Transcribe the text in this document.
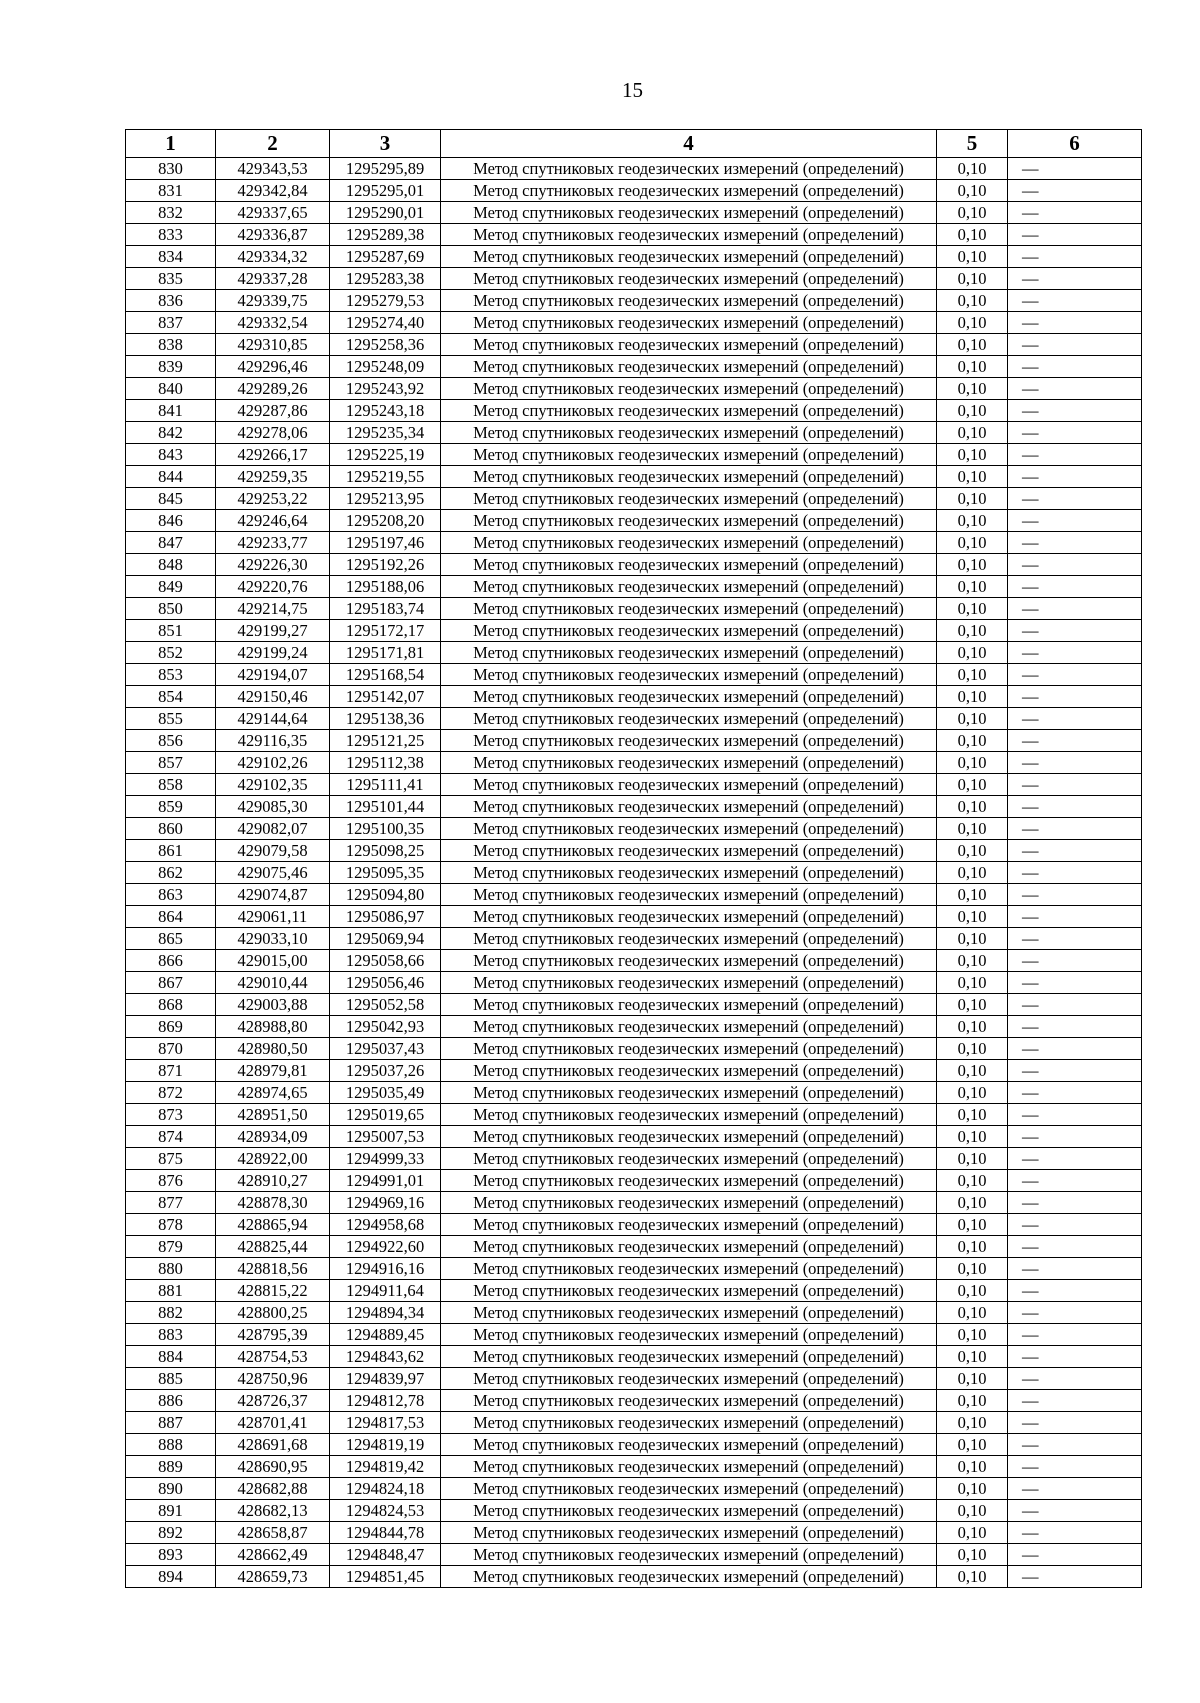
15
1	2	3	4	5	6
830	429343,53	1295295,89	Метод спутниковых геодезических измерений (определений)	0,10	—
831	429342,84	1295295,01	Метод спутниковых геодезических измерений (определений)	0,10	—
832	429337,65	1295290,01	Метод спутниковых геодезических измерений (определений)	0,10	—
833	429336,87	1295289,38	Метод спутниковых геодезических измерений (определений)	0,10	—
834	429334,32	1295287,69	Метод спутниковых геодезических измерений (определений)	0,10	—
835	429337,28	1295283,38	Метод спутниковых геодезических измерений (определений)	0,10	—
836	429339,75	1295279,53	Метод спутниковых геодезических измерений (определений)	0,10	—
837	429332,54	1295274,40	Метод спутниковых геодезических измерений (определений)	0,10	—
838	429310,85	1295258,36	Метод спутниковых геодезических измерений (определений)	0,10	—
839	429296,46	1295248,09	Метод спутниковых геодезических измерений (определений)	0,10	—
840	429289,26	1295243,92	Метод спутниковых геодезических измерений (определений)	0,10	—
841	429287,86	1295243,18	Метод спутниковых геодезических измерений (определений)	0,10	—
842	429278,06	1295235,34	Метод спутниковых геодезических измерений (определений)	0,10	—
843	429266,17	1295225,19	Метод спутниковых геодезических измерений (определений)	0,10	—
844	429259,35	1295219,55	Метод спутниковых геодезических измерений (определений)	0,10	—
845	429253,22	1295213,95	Метод спутниковых геодезических измерений (определений)	0,10	—
846	429246,64	1295208,20	Метод спутниковых геодезических измерений (определений)	0,10	—
847	429233,77	1295197,46	Метод спутниковых геодезических измерений (определений)	0,10	—
848	429226,30	1295192,26	Метод спутниковых геодезических измерений (определений)	0,10	—
849	429220,76	1295188,06	Метод спутниковых геодезических измерений (определений)	0,10	—
850	429214,75	1295183,74	Метод спутниковых геодезических измерений (определений)	0,10	—
851	429199,27	1295172,17	Метод спутниковых геодезических измерений (определений)	0,10	—
852	429199,24	1295171,81	Метод спутниковых геодезических измерений (определений)	0,10	—
853	429194,07	1295168,54	Метод спутниковых геодезических измерений (определений)	0,10	—
854	429150,46	1295142,07	Метод спутниковых геодезических измерений (определений)	0,10	—
855	429144,64	1295138,36	Метод спутниковых геодезических измерений (определений)	0,10	—
856	429116,35	1295121,25	Метод спутниковых геодезических измерений (определений)	0,10	—
857	429102,26	1295112,38	Метод спутниковых геодезических измерений (определений)	0,10	—
858	429102,35	1295111,41	Метод спутниковых геодезических измерений (определений)	0,10	—
859	429085,30	1295101,44	Метод спутниковых геодезических измерений (определений)	0,10	—
860	429082,07	1295100,35	Метод спутниковых геодезических измерений (определений)	0,10	—
861	429079,58	1295098,25	Метод спутниковых геодезических измерений (определений)	0,10	—
862	429075,46	1295095,35	Метод спутниковых геодезических измерений (определений)	0,10	—
863	429074,87	1295094,80	Метод спутниковых геодезических измерений (определений)	0,10	—
864	429061,11	1295086,97	Метод спутниковых геодезических измерений (определений)	0,10	—
865	429033,10	1295069,94	Метод спутниковых геодезических измерений (определений)	0,10	—
866	429015,00	1295058,66	Метод спутниковых геодезических измерений (определений)	0,10	—
867	429010,44	1295056,46	Метод спутниковых геодезических измерений (определений)	0,10	—
868	429003,88	1295052,58	Метод спутниковых геодезических измерений (определений)	0,10	—
869	428988,80	1295042,93	Метод спутниковых геодезических измерений (определений)	0,10	—
870	428980,50	1295037,43	Метод спутниковых геодезических измерений (определений)	0,10	—
871	428979,81	1295037,26	Метод спутниковых геодезических измерений (определений)	0,10	—
872	428974,65	1295035,49	Метод спутниковых геодезических измерений (определений)	0,10	—
873	428951,50	1295019,65	Метод спутниковых геодезических измерений (определений)	0,10	—
874	428934,09	1295007,53	Метод спутниковых геодезических измерений (определений)	0,10	—
875	428922,00	1294999,33	Метод спутниковых геодезических измерений (определений)	0,10	—
876	428910,27	1294991,01	Метод спутниковых геодезических измерений (определений)	0,10	—
877	428878,30	1294969,16	Метод спутниковых геодезических измерений (определений)	0,10	—
878	428865,94	1294958,68	Метод спутниковых геодезических измерений (определений)	0,10	—
879	428825,44	1294922,60	Метод спутниковых геодезических измерений (определений)	0,10	—
880	428818,56	1294916,16	Метод спутниковых геодезических измерений (определений)	0,10	—
881	428815,22	1294911,64	Метод спутниковых геодезических измерений (определений)	0,10	—
882	428800,25	1294894,34	Метод спутниковых геодезических измерений (определений)	0,10	—
883	428795,39	1294889,45	Метод спутниковых геодезических измерений (определений)	0,10	—
884	428754,53	1294843,62	Метод спутниковых геодезических измерений (определений)	0,10	—
885	428750,96	1294839,97	Метод спутниковых геодезических измерений (определений)	0,10	—
886	428726,37	1294812,78	Метод спутниковых геодезических измерений (определений)	0,10	—
887	428701,41	1294817,53	Метод спутниковых геодезических измерений (определений)	0,10	—
888	428691,68	1294819,19	Метод спутниковых геодезических измерений (определений)	0,10	—
889	428690,95	1294819,42	Метод спутниковых геодезических измерений (определений)	0,10	—
890	428682,88	1294824,18	Метод спутниковых геодезических измерений (определений)	0,10	—
891	428682,13	1294824,53	Метод спутниковых геодезических измерений (определений)	0,10	—
892	428658,87	1294844,78	Метод спутниковых геодезических измерений (определений)	0,10	—
893	428662,49	1294848,47	Метод спутниковых геодезических измерений (определений)	0,10	—
894	428659,73	1294851,45	Метод спутниковых геодезических измерений (определений)	0,10	—
